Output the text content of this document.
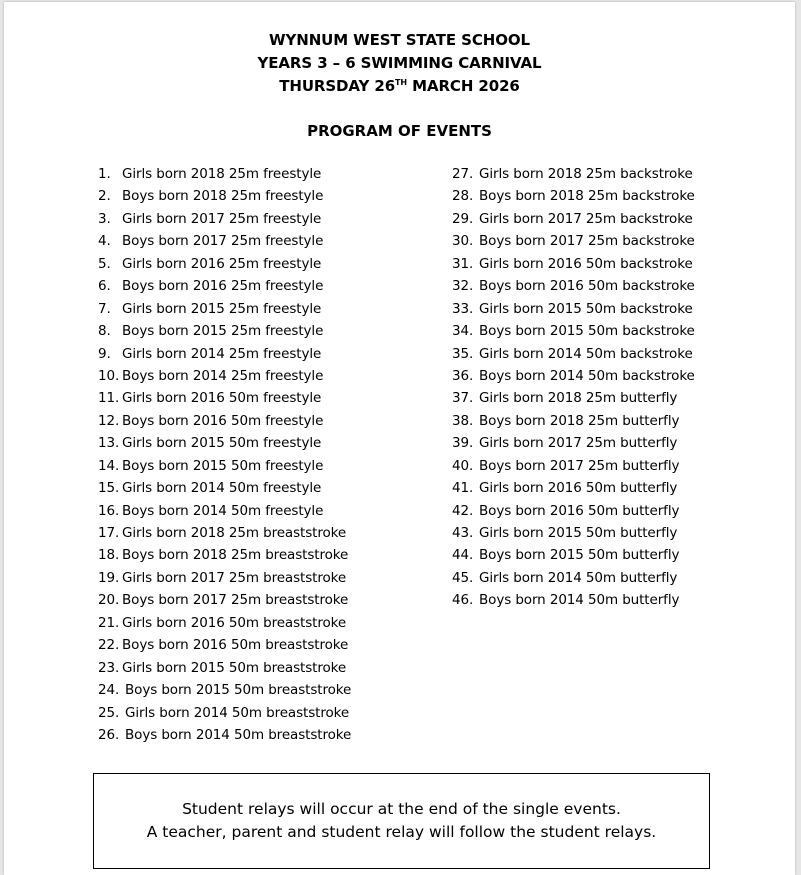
WYNNUM WEST STATE SCHOOL
YEARS 3 – 6 SWIMMING CARNIVAL
THURSDAY 26TH MARCH 2026
PROGRAM OF EVENTS
1. Girls born 2018 25m freestyle
2. Boys born 2018 25m freestyle
3. Girls born 2017 25m freestyle
4. Boys born 2017 25m freestyle
5. Girls born 2016 25m freestyle
6. Boys born 2016 25m freestyle
7. Girls born 2015 25m freestyle
8. Boys born 2015 25m freestyle
9. Girls born 2014 25m freestyle
10. Boys born 2014 25m freestyle
11. Girls born 2016 50m freestyle
12. Boys born 2016 50m freestyle
13. Girls born 2015 50m freestyle
14. Boys born 2015 50m freestyle
15. Girls born 2014 50m freestyle
16. Boys born 2014 50m freestyle
17. Girls born 2018 25m breaststroke
18. Boys born 2018 25m breaststroke
19. Girls born 2017 25m breaststroke
20. Boys born 2017 25m breaststroke
21. Girls born 2016 50m breaststroke
22. Boys born 2016 50m breaststroke
23. Girls born 2015 50m breaststroke
24. Boys born 2015 50m breaststroke
25. Girls born 2014 50m breaststroke
26. Boys born 2014 50m breaststroke
27. Girls born 2018 25m backstroke
28. Boys born 2018 25m backstroke
29. Girls born 2017 25m backstroke
30. Boys born 2017 25m backstroke
31. Girls born 2016 50m backstroke
32. Boys born 2016 50m backstroke
33. Girls born 2015 50m backstroke
34. Boys born 2015 50m backstroke
35. Girls born 2014 50m backstroke
36. Boys born 2014 50m backstroke
37. Girls born 2018 25m butterfly
38. Boys born 2018 25m butterfly
39. Girls born 2017 25m butterfly
40. Boys born 2017 25m butterfly
41. Girls born 2016 50m butterfly
42. Boys born 2016 50m butterfly
43. Girls born 2015 50m butterfly
44. Boys born 2015 50m butterfly
45. Girls born 2014 50m butterfly
46. Boys born 2014 50m butterfly
Student relays will occur at the end of the single events.
A teacher, parent and student relay will follow the student relays.
